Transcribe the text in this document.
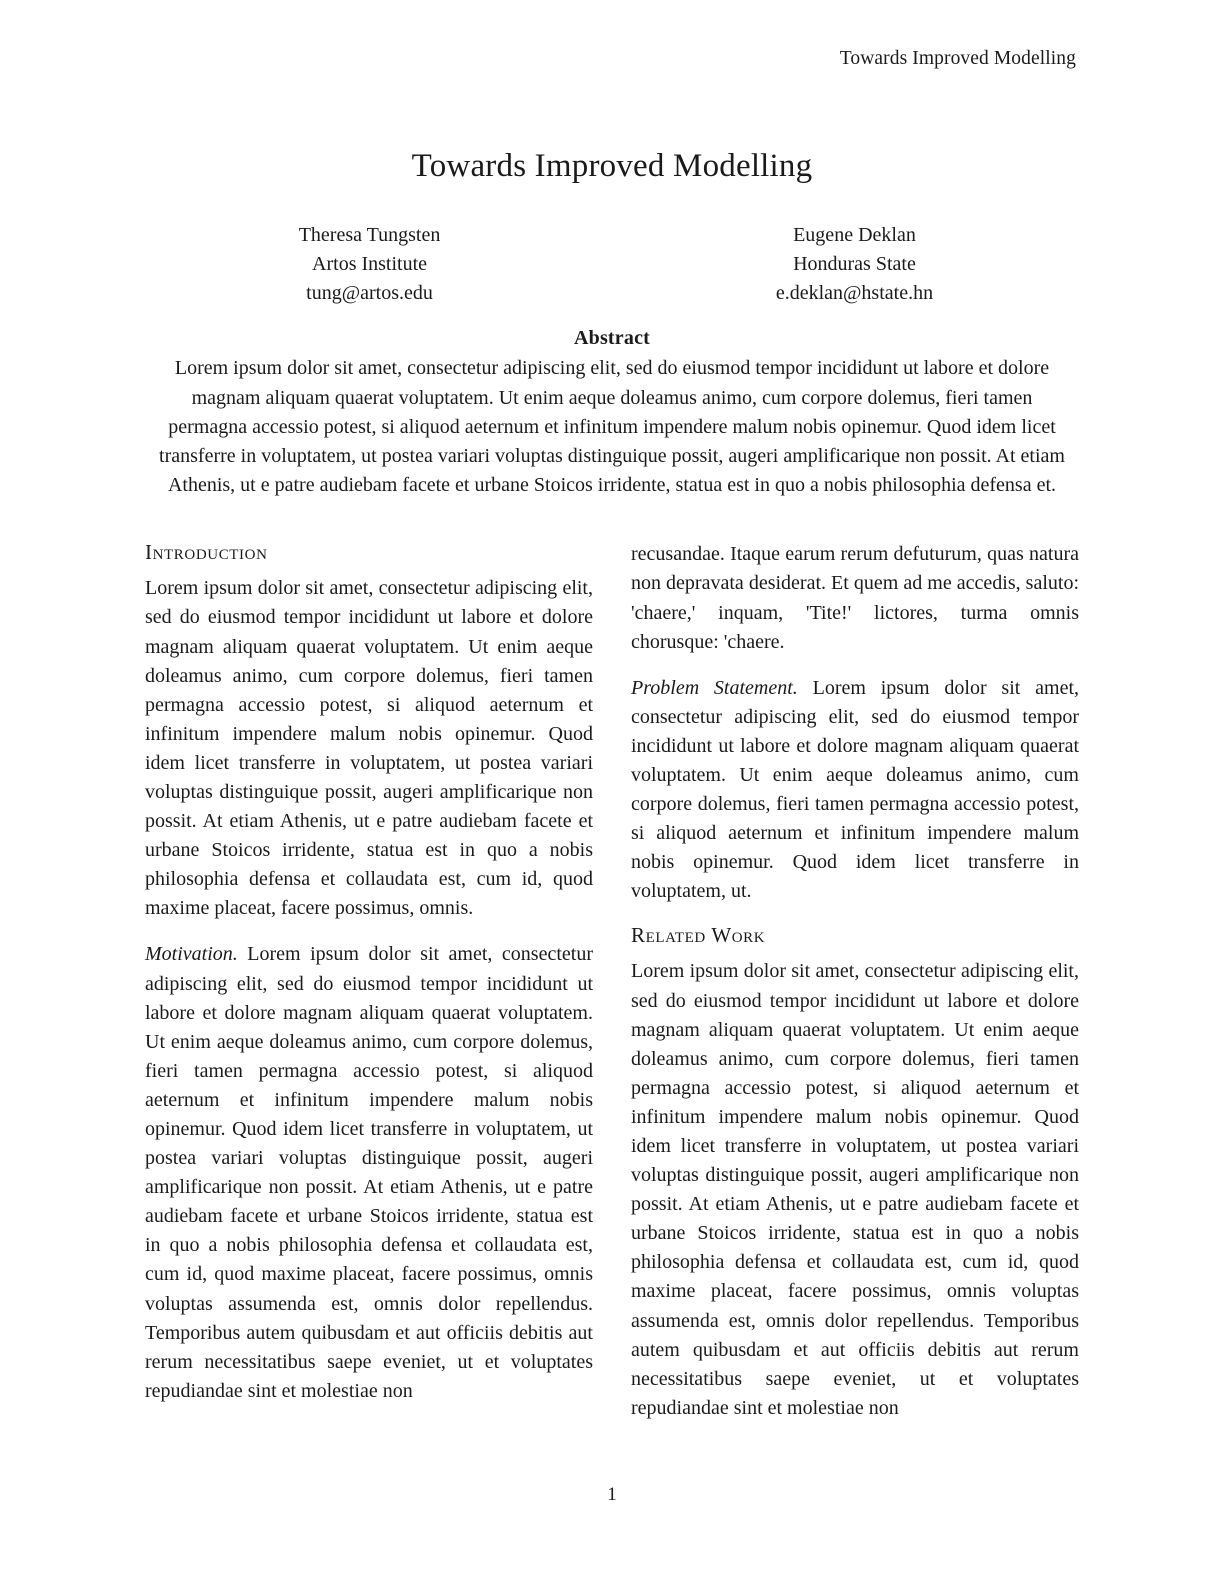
Towards Improved Modelling
Towards Improved Modelling
Theresa Tungsten
Artos Institute
tung@artos.edu
Eugene Deklan
Honduras State
e.deklan@hstate.hn
Abstract
Lorem ipsum dolor sit amet, consectetur adipiscing elit, sed do eiusmod tempor incididunt ut labore et dolore magnam aliquam quaerat voluptatem. Ut enim aeque doleamus animo, cum corpore dolemus, fieri tamen permagna accessio potest, si aliquod aeternum et infinitum impendere malum nobis opinemur. Quod idem licet transferre in voluptatem, ut postea variari voluptas distinguique possit, augeri amplificarique non possit. At etiam Athenis, ut e patre audiebam facete et urbane Stoicos irridente, statua est in quo a nobis philosophia defensa et.
Introduction

Lorem ipsum dolor sit amet, consectetur adipiscing elit, sed do eiusmod tempor incididunt ut labore et dolore magnam aliquam quaerat voluptatem. Ut enim aeque doleamus animo, cum corpore dolemus, fieri tamen permagna accessio potest, si aliquod aeternum et infinitum impendere malum nobis opinemur. Quod idem licet transferre in voluptatem, ut postea variari voluptas distinguique possit, augeri amplificarique non possit. At etiam Athenis, ut e patre audiebam facete et urbane Stoicos irridente, statua est in quo a nobis philosophia defensa et collaudata est, cum id, quod maxime placeat, facere possimus, omnis.

Motivation. Lorem ipsum dolor sit amet, consectetur adipiscing elit, sed do eiusmod tempor incididunt ut labore et dolore magnam aliquam quaerat voluptatem. Ut enim aeque doleamus animo, cum corpore dolemus, fieri tamen permagna accessio potest, si aliquod aeternum et infinitum impendere malum nobis opinemur. Quod idem licet transferre in voluptatem, ut postea variari voluptas distinguique possit, augeri amplificarique non possit. At etiam Athenis, ut e patre audiebam facete et urbane Stoicos irridente, statua est in quo a nobis philosophia defensa et collaudata est, cum id, quod maxime placeat, facere possimus, omnis voluptas assumenda est, omnis dolor repellendus. Temporibus autem quibusdam et aut officiis debitis aut rerum necessitatibus saepe eveniet, ut et voluptates repudiandae sint et molestiae non

recusandae. Itaque earum rerum defuturum, quas natura non depravata desiderat. Et quem ad me accedis, saluto: 'chaere,' inquam, 'Tite!' lictores, turma omnis chorusque: 'chaere.

Problem Statement. Lorem ipsum dolor sit amet, consectetur adipiscing elit, sed do eiusmod tempor incididunt ut labore et dolore magnam aliquam quaerat voluptatem. Ut enim aeque doleamus animo, cum corpore dolemus, fieri tamen permagna accessio potest, si aliquod aeternum et infinitum impendere malum nobis opinemur. Quod idem licet transferre in voluptatem, ut.

Related Work

Lorem ipsum dolor sit amet, consectetur adipiscing elit, sed do eiusmod tempor incididunt ut labore et dolore magnam aliquam quaerat voluptatem. Ut enim aeque doleamus animo, cum corpore dolemus, fieri tamen permagna accessio potest, si aliquod aeternum et infinitum impendere malum nobis opinemur. Quod idem licet transferre in voluptatem, ut postea variari voluptas distinguique possit, augeri amplificarique non possit. At etiam Athenis, ut e patre audiebam facete et urbane Stoicos irridente, statua est in quo a nobis philosophia defensa et collaudata est, cum id, quod maxime placeat, facere possimus, omnis voluptas assumenda est, omnis dolor repellendus. Temporibus autem quibusdam et aut officiis debitis aut rerum necessitatibus saepe eveniet, ut et voluptates repudiandae sint et molestiae non

1
